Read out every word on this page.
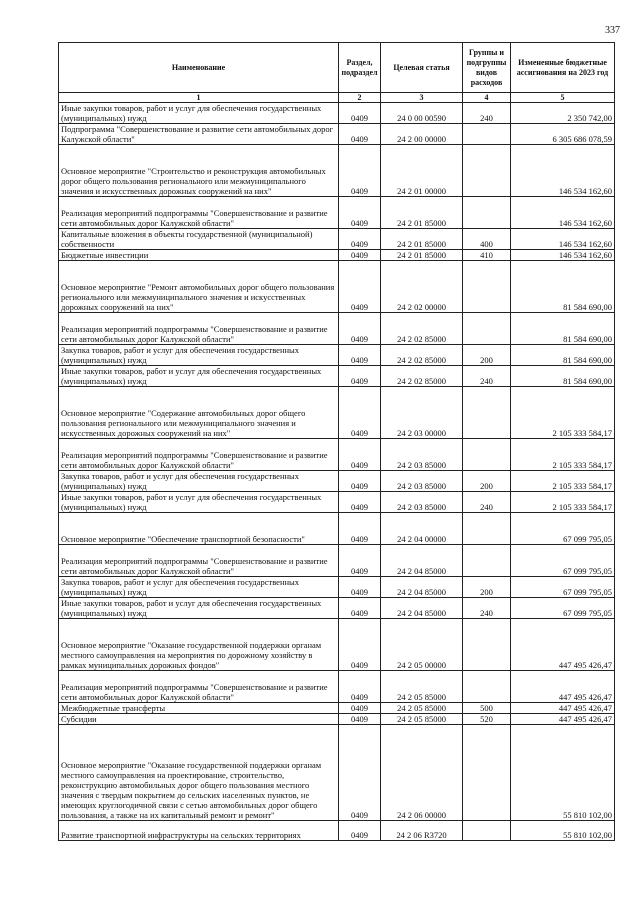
337
Наименование	Раздел, подраздел	Целевая статья	Группы и подгруппы видов расходов	Измененные бюджетные ассигнования на 2023 год
1	2	3	4	5
Иные закупки товаров, работ и услуг для обеспечения государственных (муниципальных) нужд	0409	24 0 00 00590	240	2 350 742,00
Подпрограмма "Совершенствование и развитие сети автомобильных дорог Калужской области"	0409	24 2 00 00000		6 305 686 078,59
Основное мероприятие "Строительство и реконструкция автомобильных дорог общего пользования регионального или межмуниципального значения и искусственных дорожных сооружений на них"	0409	24 2 01 00000		146 534 162,60
Реализация мероприятий подпрограммы "Совершенствование и развитие сети автомобильных дорог Калужской области"	0409	24 2 01 85000		146 534 162,60
Капитальные вложения в объекты государственной (муниципальной) собственности	0409	24 2 01 85000	400	146 534 162,60
Бюджетные инвестиции	0409	24 2 01 85000	410	146 534 162,60
Основное мероприятие "Ремонт автомобильных дорог общего пользования регионального или межмуниципального значения и искусственных дорожных сооружений на них"	0409	24 2 02 00000		81 584 690,00
Реализация мероприятий подпрограммы "Совершенствование и развитие сети автомобильных дорог Калужской области"	0409	24 2 02 85000		81 584 690,00
Закупка товаров, работ и услуг для обеспечения государственных (муниципальных) нужд	0409	24 2 02 85000	200	81 584 690,00
Иные закупки товаров, работ и услуг для обеспечения государственных (муниципальных) нужд	0409	24 2 02 85000	240	81 584 690,00
Основное мероприятие "Содержание автомобильных дорог общего пользования регионального или межмуниципального значения и искусственных дорожных сооружений на них"	0409	24 2 03 00000		2 105 333 584,17
Реализация мероприятий подпрограммы "Совершенствование и развитие сети автомобильных дорог Калужской области"	0409	24 2 03 85000		2 105 333 584,17
Закупка товаров, работ и услуг для обеспечения государственных (муниципальных) нужд	0409	24 2 03 85000	200	2 105 333 584,17
Иные закупки товаров, работ и услуг для обеспечения государственных (муниципальных) нужд	0409	24 2 03 85000	240	2 105 333 584,17
Основное мероприятие "Обеспечение транспортной безопасности"	0409	24 2 04 00000		67 099 795,05
Реализация мероприятий подпрограммы "Совершенствование и развитие сети автомобильных дорог Калужской области"	0409	24 2 04 85000		67 099 795,05
Закупка товаров, работ и услуг для обеспечения государственных (муниципальных) нужд	0409	24 2 04 85000	200	67 099 795,05
Иные закупки товаров, работ и услуг для обеспечения государственных (муниципальных) нужд	0409	24 2 04 85000	240	67 099 795,05
Основное мероприятие "Оказание государственной поддержки органам местного самоуправления на мероприятия по дорожному хозяйству в рамках муниципальных дорожных фондов"	0409	24 2 05 00000		447 495 426,47
Реализация мероприятий подпрограммы "Совершенствование и развитие сети автомобильных дорог Калужской области"	0409	24 2 05 85000		447 495 426,47
Межбюджетные трансферты	0409	24 2 05 85000	500	447 495 426,47
Субсидии	0409	24 2 05 85000	520	447 495 426,47
Основное мероприятие "Оказание государственной поддержки органам местного самоуправления на проектирование, строительство, реконструкцию автомобильных дорог общего пользования местного значения с твердым покрытием до сельских населенных пунктов, не имеющих круглогодичной связи с сетью автомобильных дорог общего пользования, а также на их капитальный ремонт и ремонт"	0409	24 2 06 00000		55 810 102,00
Развитие транспортной инфраструктуры на сельских территориях	0409	24 2 06 R3720		55 810 102,00
